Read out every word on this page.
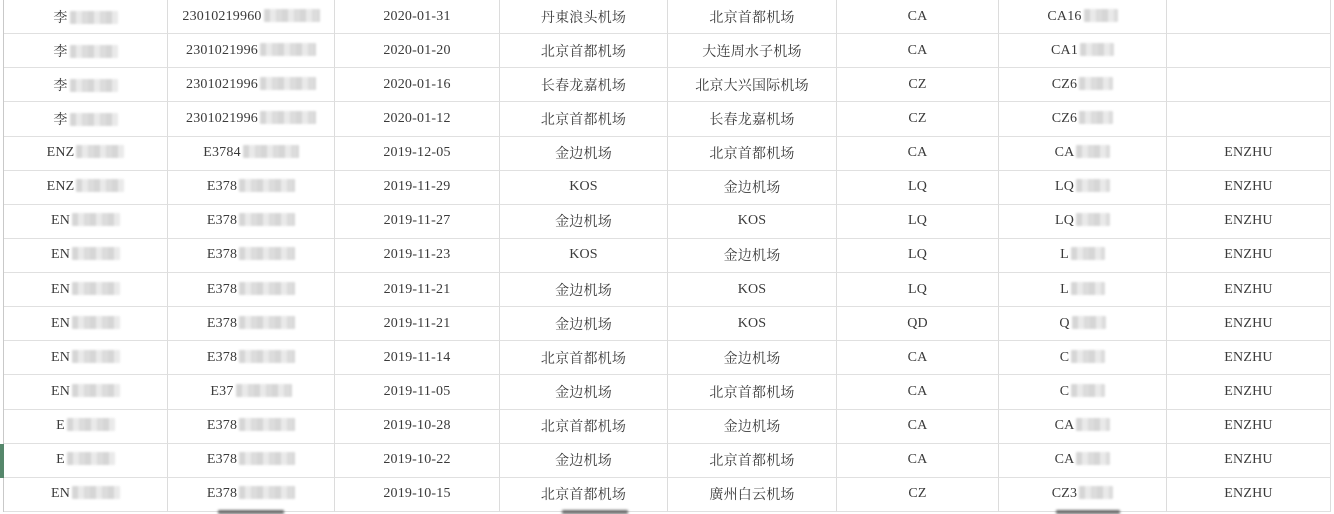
李	23010219960	2020-01-31	丹東浪头机场	北京首都机场	CA	CA16
李	2301021996	2020-01-20	北京首都机场	大连周水子机场	CA	CA1
李	2301021996	2020-01-16	长春龙嘉机场	北京大兴国际机场	CZ	CZ6
李	2301021996	2020-01-12	北京首都机场	长春龙嘉机场	CZ	CZ6
ENZ	E3784	2019-12-05	金边机场	北京首都机场	CA	CA	ENZHU
ENZ	E378	2019-11-29	KOS	金边机场	LQ	LQ	ENZHU
EN	E378	2019-11-27	金边机场	KOS	LQ	LQ	ENZHU
EN	E378	2019-11-23	KOS	金边机场	LQ	L	ENZHU
EN	E378	2019-11-21	金边机场	KOS	LQ	L	ENZHU
EN	E378	2019-11-21	金边机场	KOS	QD	Q	ENZHU
EN	E378	2019-11-14	北京首都机场	金边机场	CA	C	ENZHU
EN	E37	2019-11-05	金边机场	北京首都机场	CA	C	ENZHU
E	E378	2019-10-28	北京首都机场	金边机场	CA	CA	ENZHU
E	E378	2019-10-22	金边机场	北京首都机场	CA	CA	ENZHU
EN	E378	2019-10-15	北京首都机场	廣州白云机场	CZ	CZ3	ENZHU
